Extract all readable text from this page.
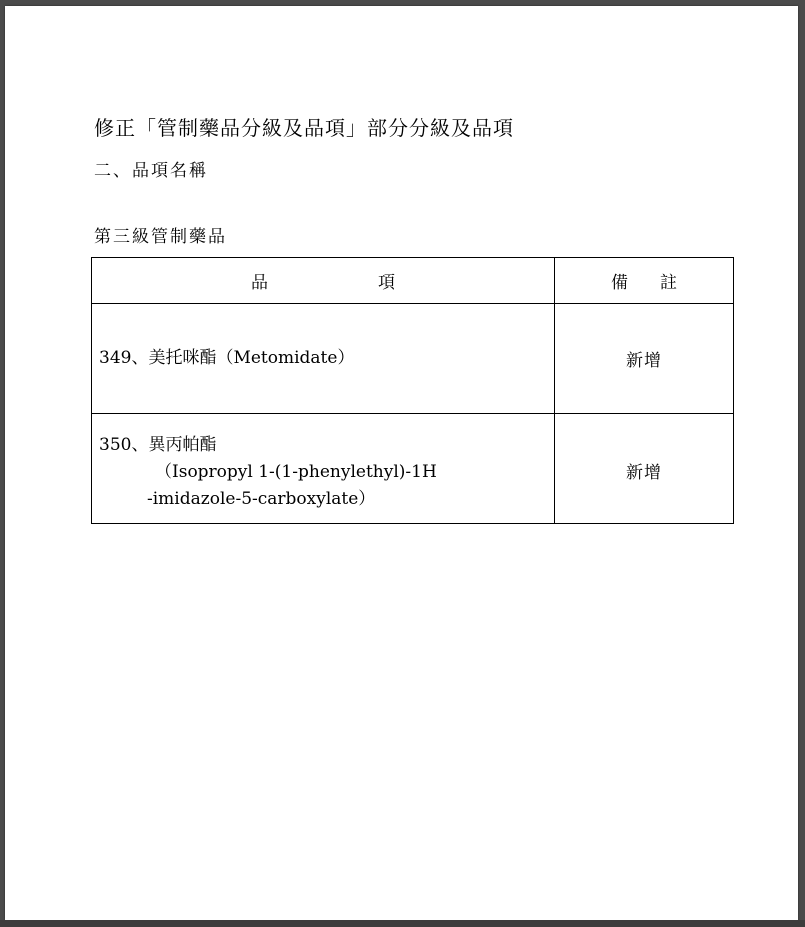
修正「管制藥品分級及品項」部分分級及品項
二、品項名稱
第三級管制藥品
品 項	備 註

349、美托咪酯（Metomidate）	新增

350、異丙帕酯
（Isopropyl 1-(1-phenylethyl)-1H
-imidazole-5-carboxylate）	新增
